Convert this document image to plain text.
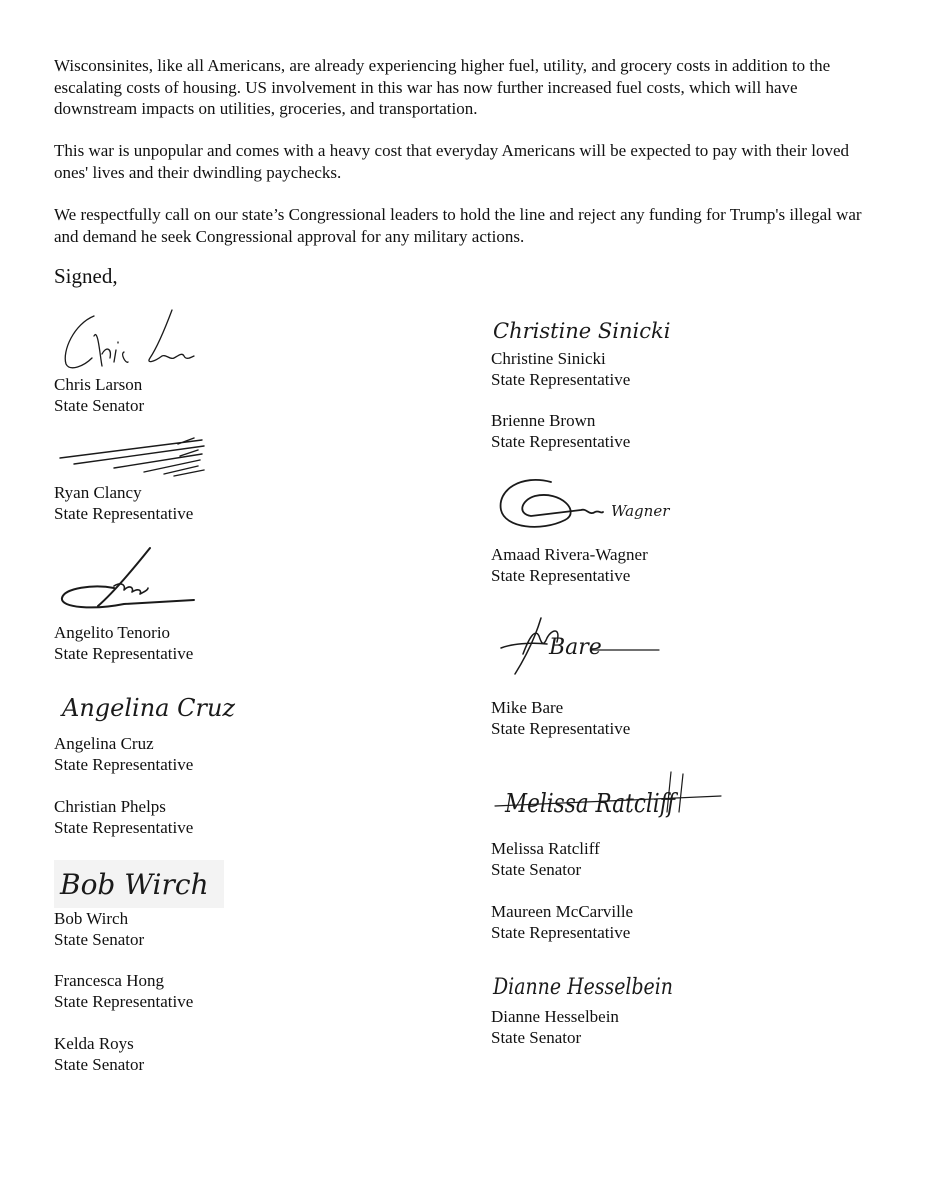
Wisconsinites, like all Americans, are already experiencing higher fuel, utility, and grocery costs in addition to the escalating costs of housing. US involvement in this war has now further increased fuel costs, which will have downstream impacts on utilities, groceries, and transportation.

This war is unpopular and comes with a heavy cost that everyday Americans will be expected to pay with their loved ones' lives and their dwindling paychecks.

We respectfully call on our state’s Congressional leaders to hold the line and reject any funding for Trump's illegal war and demand he seek Congressional approval for any military actions.

Signed,

Chris Larson
State Senator
Ryan Clancy
State Representative
Angelito Tenorio
State Representative
Angelina Cruz
Angelina Cruz
State Representative
Christian Phelps
State Representative
Bob Wirch
Bob Wirch
State Senator
Francesca Hong
State Representative
Kelda Roys
State Senator
Christine Sinicki
Christine Sinicki
State Representative
Brienne Brown
State Representative
Wagner
Amaad Rivera-Wagner
State Representative
Bare
Mike Bare
State Representative
Melissa Ratcliff
Melissa Ratcliff
State Senator
Maureen McCarville
State Representative
Dianne Hesselbein
Dianne Hesselbein
State Senator
